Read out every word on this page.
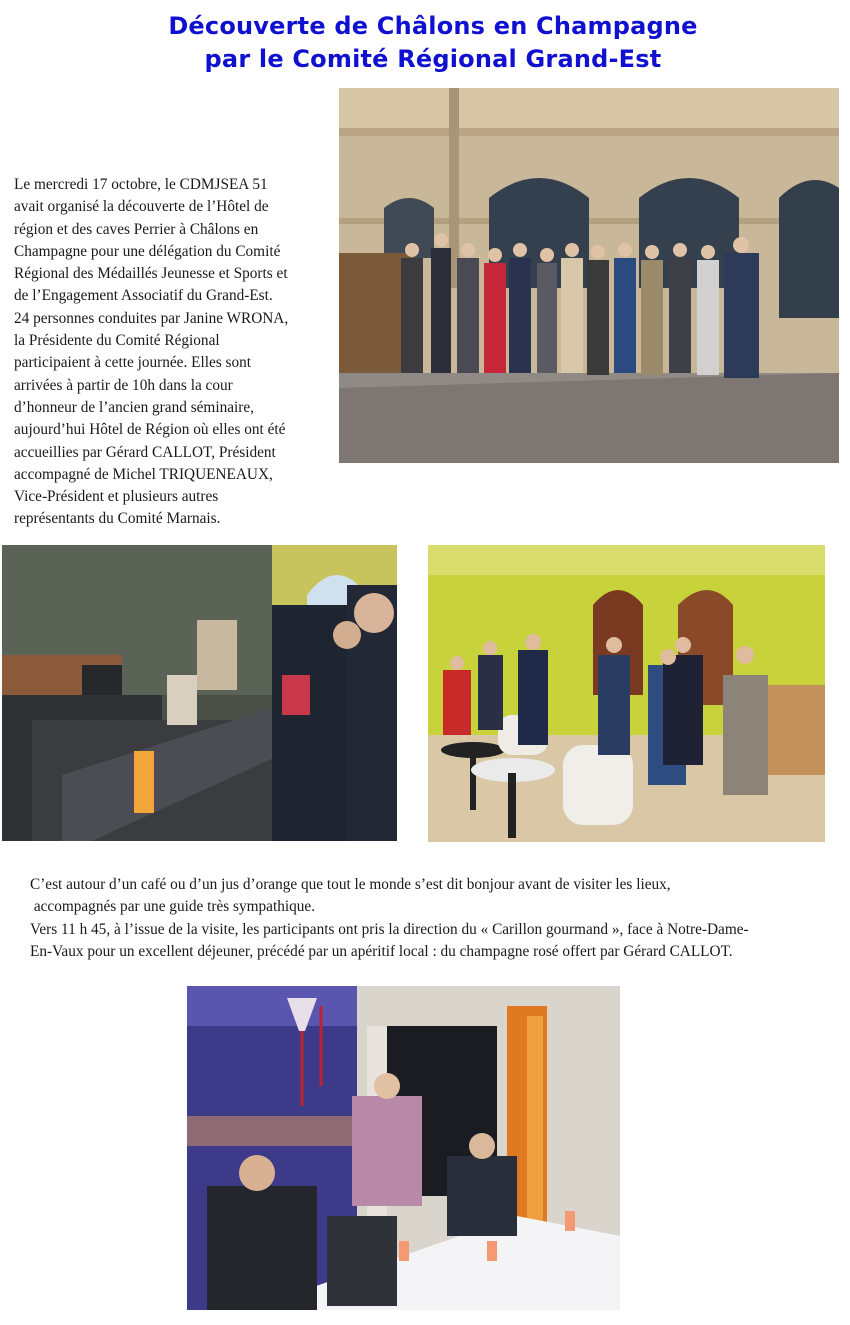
Découverte de Châlons en Champagne
par le Comité Régional Grand-Est
Le mercredi 17 octobre, le CDMJSEA 51
avait organisé la découverte de l’Hôtel de
région et des caves Perrier à Châlons en
Champagne pour une délégation du Comité
Régional des Médaillés Jeunesse et Sports et
de l’Engagement Associatif du Grand-Est.
24 personnes conduites par Janine WRONA,
la Présidente du Comité Régional
participaient à cette journée. Elles sont
arrivées à partir de 10h dans la cour
d’honneur de l’ancien grand séminaire,
aujourd’hui Hôtel de Région où elles ont été
accueillies par Gérard CALLOT, Président
accompagné de Michel TRIQUENEAUX,
Vice-Président et plusieurs autres
représentants du Comité Marnais.
C’est autour d’un café ou d’un jus d’orange que tout le monde s’est dit bonjour avant de visiter les lieux,
accompagnés par une guide très sympathique.
Vers 11 h 45, à l’issue de la visite, les participants ont pris la direction du « Carillon gourmand », face à Notre-Dame-
En-Vaux pour un excellent déjeuner, précédé par un apéritif local : du champagne rosé offert par Gérard CALLOT.
